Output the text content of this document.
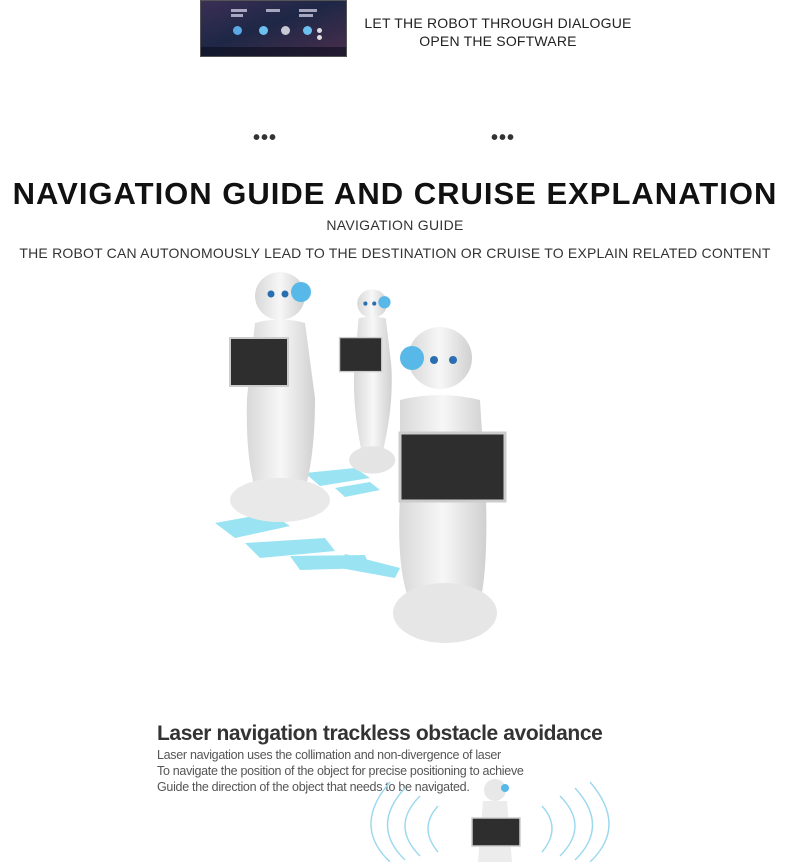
LET THE ROBOT THROUGH DIALOGUE
OPEN THE SOFTWARE
•••	•••
NAVIGATION GUIDE AND CRUISE EXPLANATION
NAVIGATION GUIDE
THE ROBOT CAN AUTONOMOUSLY LEAD TO THE DESTINATION OR CRUISE TO EXPLAIN RELATED CONTENT
Laser navigation trackless obstacle avoidance
Laser navigation uses the collimation and non-divergence of laser
To navigate the position of the object for precise positioning to achieve
Guide the direction of the object that needs to be navigated.
